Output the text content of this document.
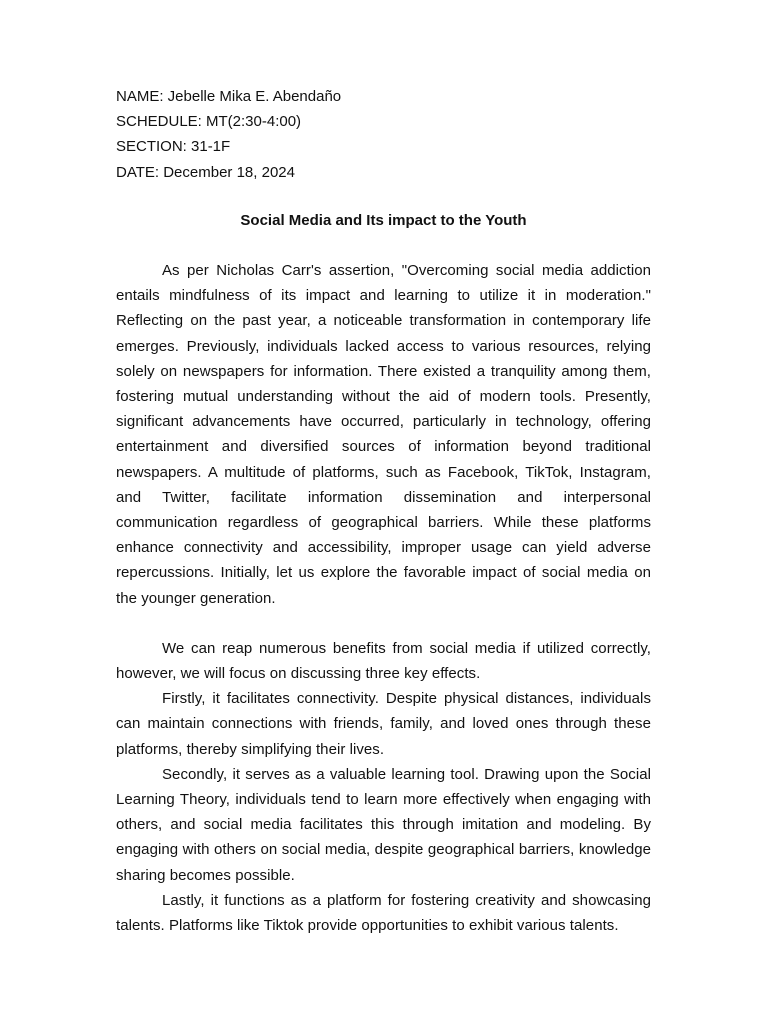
NAME: Jebelle Mika E. Abendaño

SCHEDULE: MT(2:30-4:00)

SECTION: 31-1F

DATE: December 18, 2024

Social Media and Its impact to the Youth

As per Nicholas Carr's assertion, "Overcoming social media addiction entails mindfulness of its impact and learning to utilize it in moderation." Reflecting on the past year, a noticeable transformation in contemporary life emerges. Previously, individuals lacked access to various resources, relying solely on newspapers for information. There existed a tranquility among them, fostering mutual understanding without the aid of modern tools. Presently, significant advancements have occurred, particularly in technology, offering entertainment and diversified sources of information beyond traditional newspapers. A multitude of platforms, such as Facebook, TikTok, Instagram, and Twitter, facilitate information dissemination and interpersonal communication regardless of geographical barriers. While these platforms enhance connectivity and accessibility, improper usage can yield adverse repercussions. Initially, let us explore the favorable impact of social media on the younger generation.

We can reap numerous benefits from social media if utilized correctly, however, we will focus on discussing three key effects.

Firstly, it facilitates connectivity. Despite physical distances, individuals can maintain connections with friends, family, and loved ones through these platforms, thereby simplifying their lives.

Secondly, it serves as a valuable learning tool. Drawing upon the Social Learning Theory, individuals tend to learn more effectively when engaging with others, and social media facilitates this through imitation and modeling. By engaging with others on social media, despite geographical barriers, knowledge sharing becomes possible.

Lastly, it functions as a platform for fostering creativity and showcasing talents. Platforms like Tiktok provide opportunities to exhibit various talents.
